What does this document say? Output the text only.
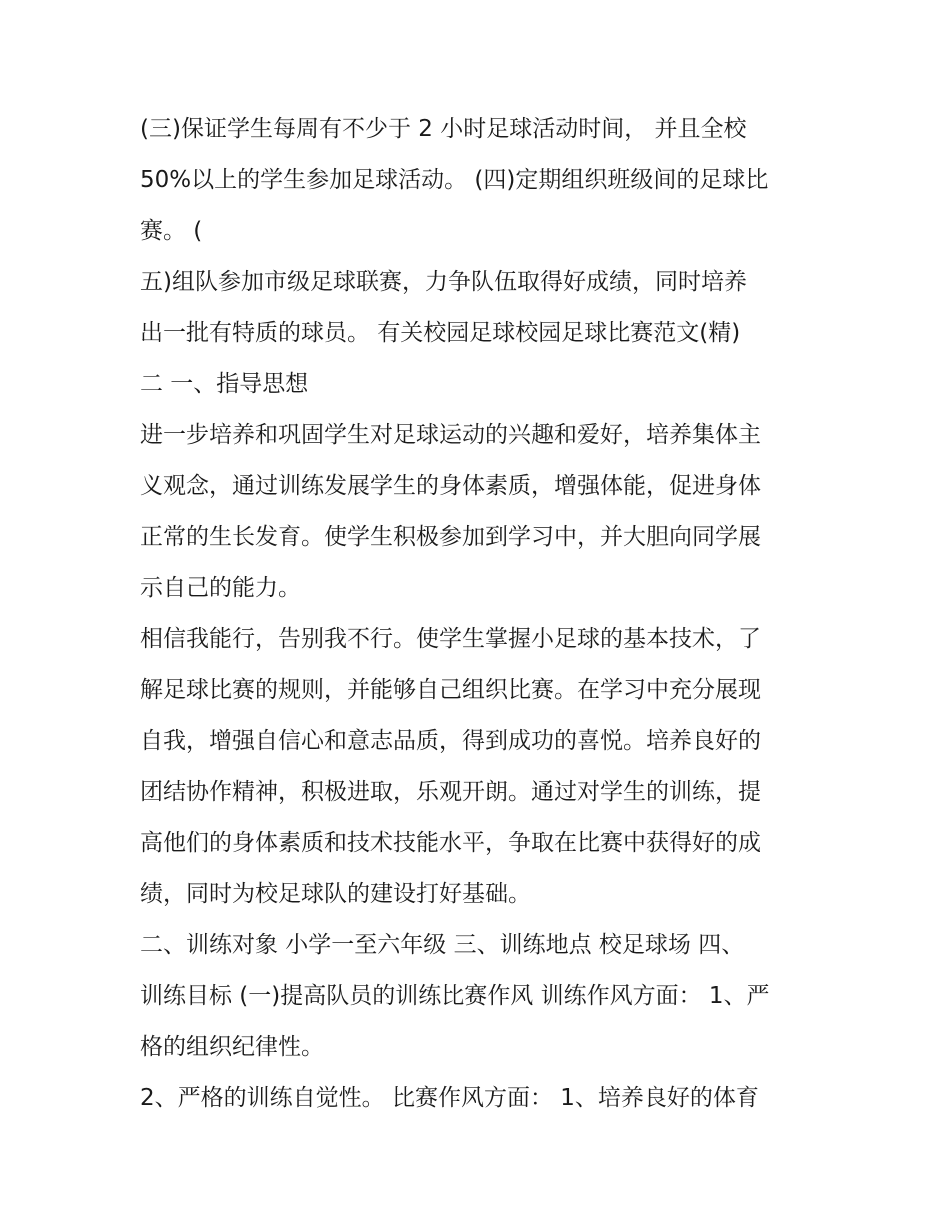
(三)保证学生每周有不少于 2 小时足球活动时间， 并且全校
50%以上的学生参加足球活动。 (四)定期组织班级间的足球比
赛。 (
五)组队参加市级足球联赛，力争队伍取得好成绩，同时培养
出一批有特质的球员。 有关校园足球校园足球比赛范文(精)
二 一、指导思想
进一步培养和巩固学生对足球运动的兴趣和爱好，培养集体主
义观念，通过训练发展学生的身体素质，增强体能，促进身体
正常的生长发育。使学生积极参加到学习中，并大胆向同学展
示自己的能力。
相信我能行，告别我不行。使学生掌握小足球的基本技术，了
解足球比赛的规则，并能够自己组织比赛。在学习中充分展现
自我，增强自信心和意志品质，得到成功的喜悦。培养良好的
团结协作精神，积极进取，乐观开朗。通过对学生的训练，提
高他们的身体素质和技术技能水平，争取在比赛中获得好的成
绩，同时为校足球队的建设打好基础。
二、训练对象 小学一至六年级 三、训练地点 校足球场 四、
训练目标 (一)提高队员的训练比赛作风 训练作风方面： 1、严
格的组织纪律性。
2、严格的训练自觉性。 比赛作风方面： 1、培养良好的体育
